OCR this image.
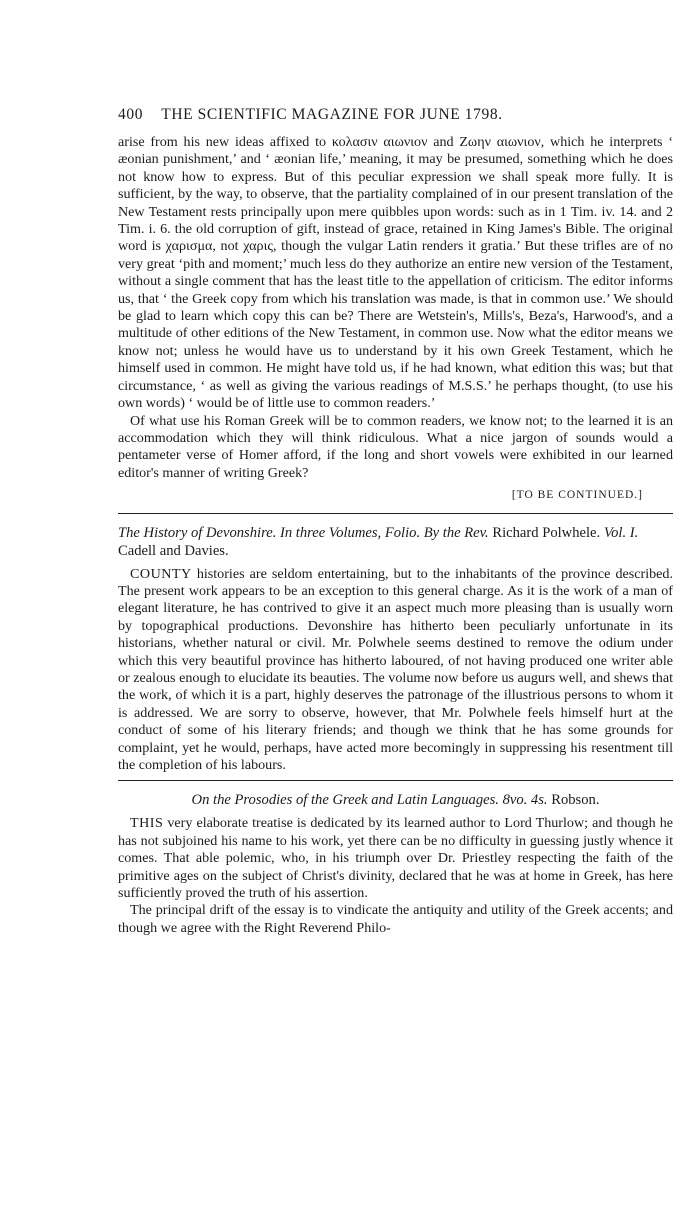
400 THE SCIENTIFIC MAGAZINE FOR JUNE 1798.

arise from his new ideas affixed to κολασιν αιωνιον and Ζωην αιωνιον, which he interprets ‘ æonian punishment,’ and ‘ æonian life,’ meaning, it may be presumed, something which he does not know how to express. But of this peculiar expression we shall speak more fully. It is sufficient, by the way, to observe, that the partiality complained of in our present translation of the New Testament rests principally upon mere quibbles upon words: such as in 1 Tim. iv. 14. and 2 Tim. i. 6. the old corruption of gift, instead of grace, retained in King James's Bible. The original word is χαρισμα, not χαρις, though the vulgar Latin renders it gratia.’ But these trifles are of no very great ‘pith and moment;’ much less do they authorize an entire new version of the Testament, without a single comment that has the least title to the appellation of criticism. The editor informs us, that ‘ the Greek copy from which his translation was made, is that in common use.’ We should be glad to learn which copy this can be? There are Wetstein's, Mills's, Beza's, Harwood's, and a multitude of other editions of the New Testament, in common use. Now what the editor means we know not; unless he would have us to understand by it his own Greek Testament, which he himself used in common. He might have told us, if he had known, what edition this was; but that circumstance, ‘ as well as giving the various readings of M.S.S.’ he perhaps thought, (to use his own words) ‘ would be of little use to common readers.’

Of what use his Roman Greek will be to common readers, we know not; to the learned it is an accommodation which they will think ridiculous. What a nice jargon of sounds would a pentameter verse of Homer afford, if the long and short vowels were exhibited in our learned editor's manner of writing Greek?

[TO BE CONTINUED.]
The History of Devonshire. In three Volumes, Folio. By the Rev. Richard Polwhele. Vol. I. Cadell and Davies.

COUNTY histories are seldom entertaining, but to the inhabitants of the province described. The present work appears to be an exception to this general charge. As it is the work of a man of elegant literature, he has contrived to give it an aspect much more pleasing than is usually worn by topographical productions. Devonshire has hitherto been peculiarly unfortunate in its historians, whether natural or civil. Mr. Polwhele seems destined to remove the odium under which this very beautiful province has hitherto laboured, of not having produced one writer able or zealous enough to elucidate its beauties. The volume now before us augurs well, and shews that the work, of which it is a part, highly deserves the patronage of the illustrious persons to whom it is addressed. We are sorry to observe, however, that Mr. Polwhele feels himself hurt at the conduct of some of his literary friends; and though we think that he has some grounds for complaint, yet he would, perhaps, have acted more becomingly in suppressing his resentment till the completion of his labours.

On the Prosodies of the Greek and Latin Languages. 8vo. 4s. Robson.

THIS very elaborate treatise is dedicated by its learned author to Lord Thurlow; and though he has not subjoined his name to his work, yet there can be no difficulty in guessing justly whence it comes. That able polemic, who, in his triumph over Dr. Priestley respecting the faith of the primitive ages on the subject of Christ's divinity, declared that he was at home in Greek, has here sufficiently proved the truth of his assertion.

The principal drift of the essay is to vindicate the antiquity and utility of the Greek accents; and though we agree with the Right Reverend Philo-
